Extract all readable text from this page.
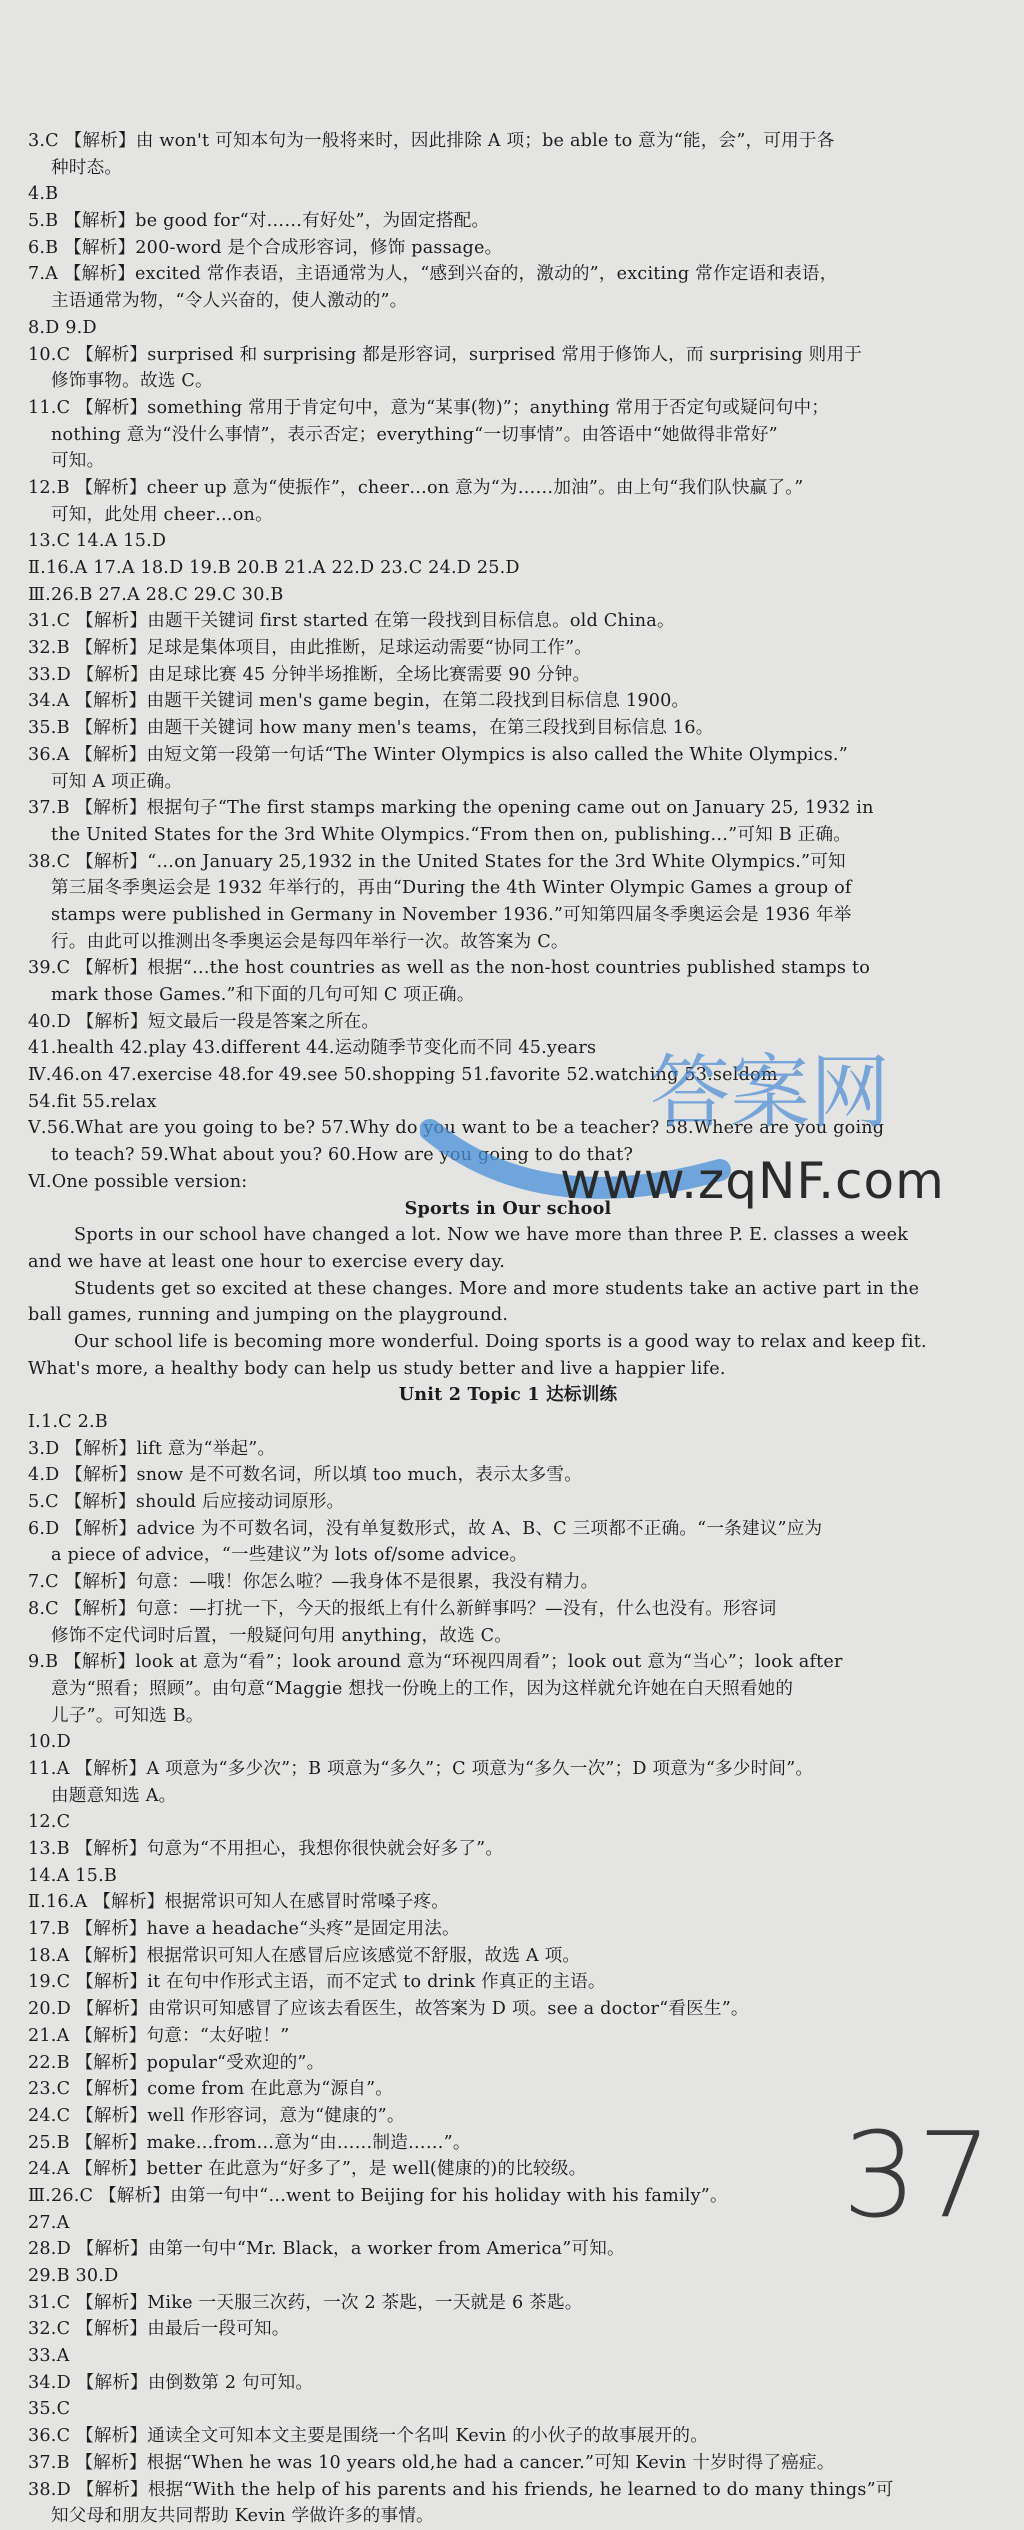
3.C 【解析】由 won't 可知本句为一般将来时，因此排除 A 项；be able to 意为“能，会”，可用于各
种时态。
4.B
5.B 【解析】be good for“对……有好处”，为固定搭配。
6.B 【解析】200-word 是个合成形容词，修饰 passage。
7.A 【解析】excited 常作表语，主语通常为人，“感到兴奋的，激动的”，exciting 常作定语和表语，
主语通常为物，“令人兴奋的，使人激动的”。
8.D 9.D
10.C 【解析】surprised 和 surprising 都是形容词，surprised 常用于修饰人，而 surprising 则用于
修饰事物。故选 C。
11.C 【解析】something 常用于肯定句中，意为“某事(物)”；anything 常用于否定句或疑问句中；
nothing 意为“没什么事情”，表示否定；everything“一切事情”。由答语中“她做得非常好”
可知。
12.B 【解析】cheer up 意为“使振作”，cheer…on 意为“为……加油”。由上句“我们队快赢了。”
可知，此处用 cheer…on。
13.C 14.A 15.D
Ⅱ.16.A 17.A 18.D 19.B 20.B 21.A 22.D 23.C 24.D 25.D
Ⅲ.26.B 27.A 28.C 29.C 30.B
31.C 【解析】由题干关键词 first started 在第一段找到目标信息。old China。
32.B 【解析】足球是集体项目，由此推断，足球运动需要“协同工作”。
33.D 【解析】由足球比赛 45 分钟半场推断，全场比赛需要 90 分钟。
34.A 【解析】由题干关键词 men's game begin，在第二段找到目标信息 1900。
35.B 【解析】由题干关键词 how many men's teams，在第三段找到目标信息 16。
36.A 【解析】由短文第一段第一句话“The Winter Olympics is also called the White Olympics.”
可知 A 项正确。
37.B 【解析】根据句子“The first stamps marking the opening came out on January 25, 1932 in
the United States for the 3rd White Olympics.“From then on, publishing…”可知 B 正确。
38.C 【解析】“…on January 25,1932 in the United States for the 3rd White Olympics.”可知
第三届冬季奥运会是 1932 年举行的，再由“During the 4th Winter Olympic Games a group of
stamps were published in Germany in November 1936.”可知第四届冬季奥运会是 1936 年举
行。由此可以推测出冬季奥运会是每四年举行一次。故答案为 C。
39.C 【解析】根据“…the host countries as well as the non-host countries published stamps to
mark those Games.”和下面的几句可知 C 项正确。
40.D 【解析】短文最后一段是答案之所在。
41.health 42.play 43.different 44.运动随季节变化而不同 45.years
Ⅳ.46.on 47.exercise 48.for 49.see 50.shopping 51.favorite 52.watching 53.seldom
54.fit 55.relax
Ⅴ.56.What are you going to be? 57.Why do you want to be a teacher? 58.Where are you going
to teach? 59.What about you? 60.How are you going to do that?
Ⅵ.One possible version:
Sports in Our school
Sports in our school have changed a lot. Now we have more than three P. E. classes a week
and we have at least one hour to exercise every day.
Students get so excited at these changes. More and more students take an active part in the
ball games, running and jumping on the playground.
Our school life is becoming more wonderful. Doing sports is a good way to relax and keep fit.
What's more, a healthy body can help us study better and live a happier life.
Unit 2 Topic 1 达标训练
Ⅰ.1.C 2.B
3.D 【解析】lift 意为“举起”。
4.D 【解析】snow 是不可数名词，所以填 too much，表示太多雪。
5.C 【解析】should 后应接动词原形。
6.D 【解析】advice 为不可数名词，没有单复数形式，故 A、B、C 三项都不正确。“一条建议”应为
a piece of advice，“一些建议”为 lots of/some advice。
7.C 【解析】句意：—哦！你怎么啦？—我身体不是很累，我没有精力。
8.C 【解析】句意：—打扰一下，今天的报纸上有什么新鲜事吗？—没有，什么也没有。形容词
修饰不定代词时后置，一般疑问句用 anything，故选 C。
9.B 【解析】look at 意为“看”；look around 意为“环视四周看”；look out 意为“当心”；look after
意为“照看；照顾”。由句意“Maggie 想找一份晚上的工作，因为这样就允许她在白天照看她的
儿子”。可知选 B。
10.D
11.A 【解析】A 项意为“多少次”；B 项意为“多久”；C 项意为“多久一次”；D 项意为“多少时间”。
由题意知选 A。
12.C
13.B 【解析】句意为“不用担心，我想你很快就会好多了”。
14.A 15.B
Ⅱ.16.A 【解析】根据常识可知人在感冒时常嗓子疼。
17.B 【解析】have a headache“头疼”是固定用法。
18.A 【解析】根据常识可知人在感冒后应该感觉不舒服，故选 A 项。
19.C 【解析】it 在句中作形式主语，而不定式 to drink 作真正的主语。
20.D 【解析】由常识可知感冒了应该去看医生，故答案为 D 项。see a doctor“看医生”。
21.A 【解析】句意：“太好啦！”
22.B 【解析】popular“受欢迎的”。
23.C 【解析】come from 在此意为“源自”。
24.C 【解析】well 作形容词，意为“健康的”。
25.B 【解析】make…from…意为“由……制造……”。
24.A 【解析】better 在此意为“好多了”，是 well(健康的)的比较级。
Ⅲ.26.C 【解析】由第一句中“…went to Beijing for his holiday with his family”。
27.A
28.D 【解析】由第一句中“Mr. Black，a worker from America”可知。
29.B 30.D
31.C 【解析】Mike 一天服三次药，一次 2 茶匙，一天就是 6 茶匙。
32.C 【解析】由最后一段可知。
33.A
34.D 【解析】由倒数第 2 句可知。
35.C
36.C 【解析】通读全文可知本文主要是围绕一个名叫 Kevin 的小伙子的故事展开的。
37.B 【解析】根据“When he was 10 years old,he had a cancer.”可知 Kevin 十岁时得了癌症。
38.D 【解析】根据“With the help of his parents and his friends, he learned to do many things”可
知父母和朋友共同帮助 Kevin 学做许多的事情。
答案网
www.zqNF.com
37
